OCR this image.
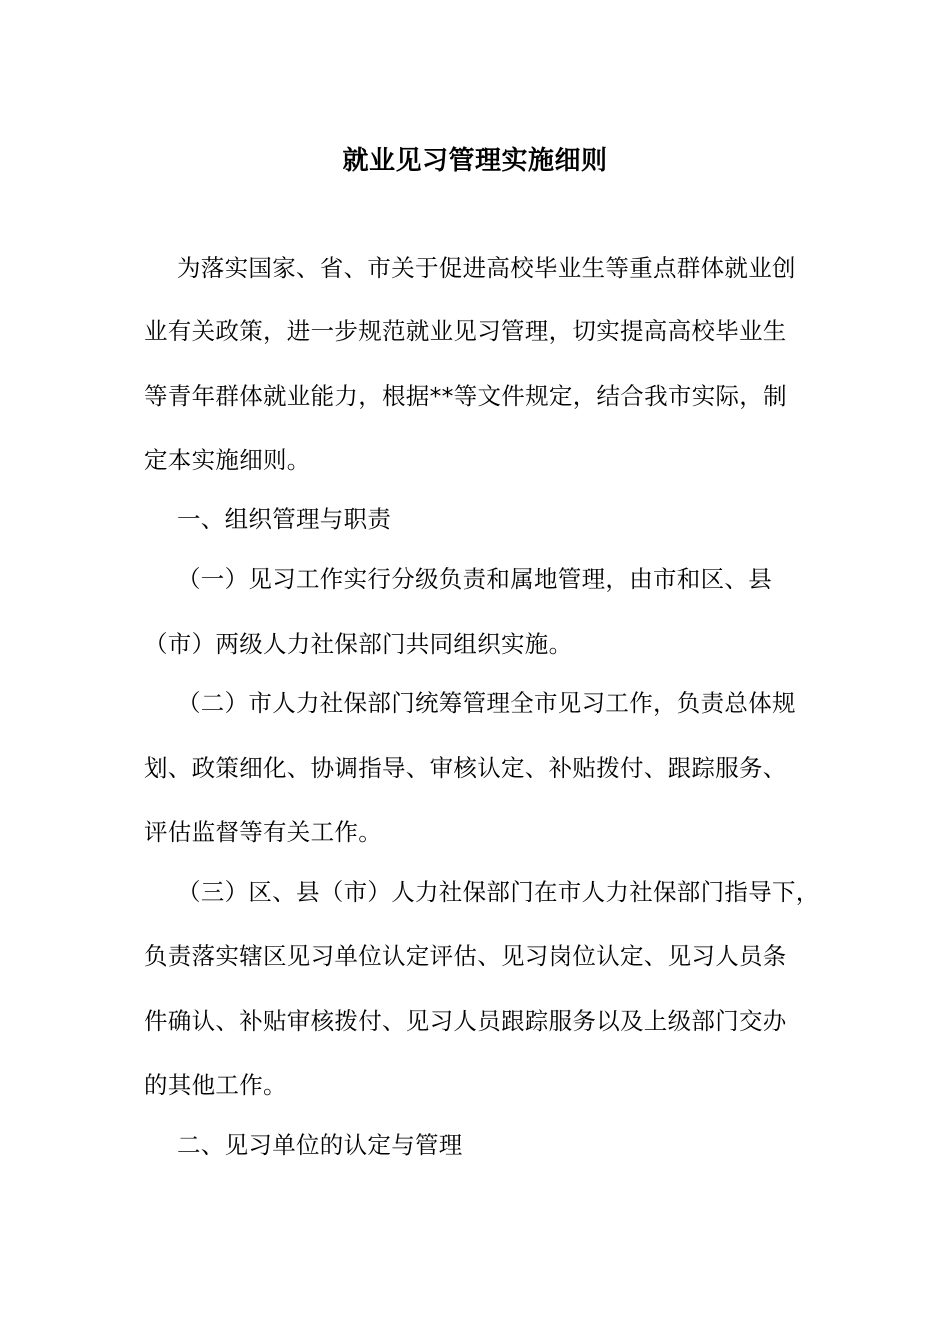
就业见习管理实施细则
为落实国家、省、市关于促进高校毕业生等重点群体就业创
业有关政策，进一步规范就业见习管理，切实提高高校毕业生
等青年群体就业能力，根据**等文件规定，结合我市实际，制
定本实施细则。
一、组织管理与职责
（一）见习工作实行分级负责和属地管理，由市和区、县
（市）两级人力社保部门共同组织实施。
（二）市人力社保部门统筹管理全市见习工作，负责总体规
划、政策细化、协调指导、审核认定、补贴拨付、跟踪服务、
评估监督等有关工作。
（三）区、县（市）人力社保部门在市人力社保部门指导下，
负责落实辖区见习单位认定评估、见习岗位认定、见习人员条
件确认、补贴审核拨付、见习人员跟踪服务以及上级部门交办
的其他工作。
二、见习单位的认定与管理
